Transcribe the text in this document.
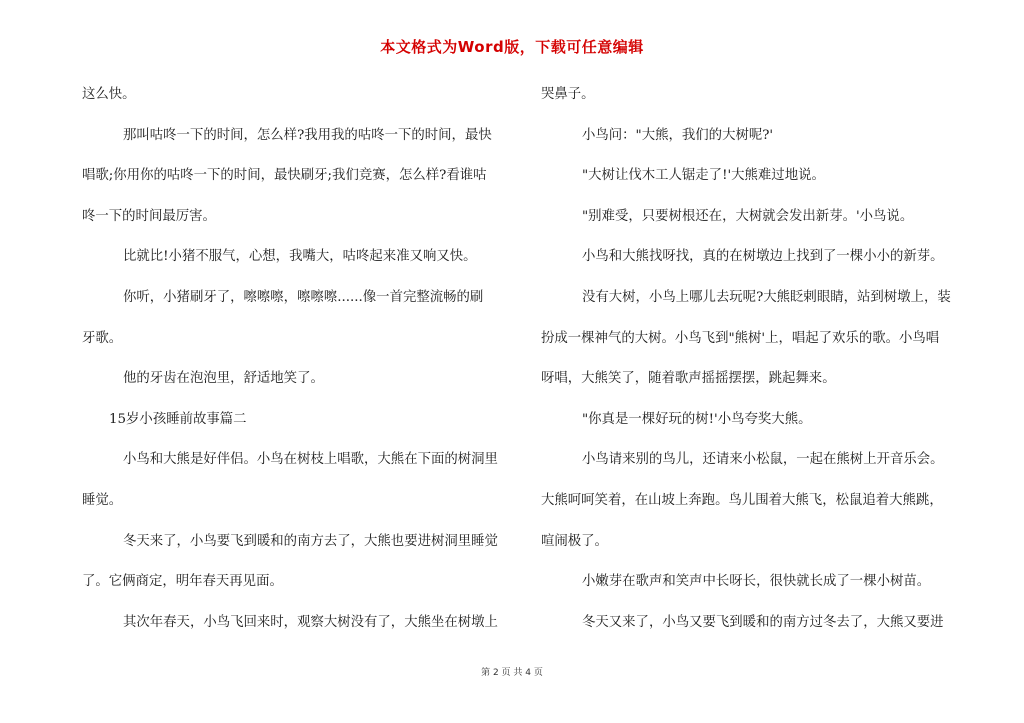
本文格式为Word版，下载可任意编辑
这么快。
那叫咕咚一下的时间，怎么样?我用我的咕咚一下的时间，最快
唱歌;你用你的咕咚一下的时间，最快刷牙;我们竞赛，怎么样?看谁咕
咚一下的时间最厉害。
比就比!小猪不服气，心想，我嘴大，咕咚起来准又响又快。
你听，小猪刷牙了，嚓嚓嚓，嚓嚓嚓......像一首完整流畅的刷
牙歌。
他的牙齿在泡泡里，舒适地笑了。
15岁小孩睡前故事篇二
小鸟和大熊是好伴侣。小鸟在树枝上唱歌，大熊在下面的树洞里
睡觉。
冬天来了，小鸟要飞到暖和的南方去了，大熊也要进树洞里睡觉
了。它俩商定，明年春天再见面。
其次年春天，小鸟飞回来时，观察大树没有了，大熊坐在树墩上
哭鼻子。
小鸟问："大熊，我们的大树呢?'
"大树让伐木工人锯走了!'大熊难过地说。
"别难受，只要树根还在，大树就会发出新芽。'小鸟说。
小鸟和大熊找呀找，真的在树墩边上找到了一棵小小的新芽。
没有大树，小鸟上哪儿去玩呢?大熊眨剌眼睛，站到树墩上，装
扮成一棵神气的大树。小鸟飞到"熊树'上，唱起了欢乐的歌。小鸟唱
呀唱，大熊笑了，随着歌声摇摇摆摆，跳起舞来。
"你真是一棵好玩的树!'小鸟夸奖大熊。
小鸟请来别的鸟儿，还请来小松鼠，一起在熊树上开音乐会。
大熊呵呵笑着，在山坡上奔跑。鸟儿围着大熊飞，松鼠追着大熊跳，
喧闹极了。
小嫩芽在歌声和笑声中长呀长，很快就长成了一棵小树苗。
冬天又来了，小鸟又要飞到暖和的南方过冬去了，大熊又要进
第 2 页 共 4 页
